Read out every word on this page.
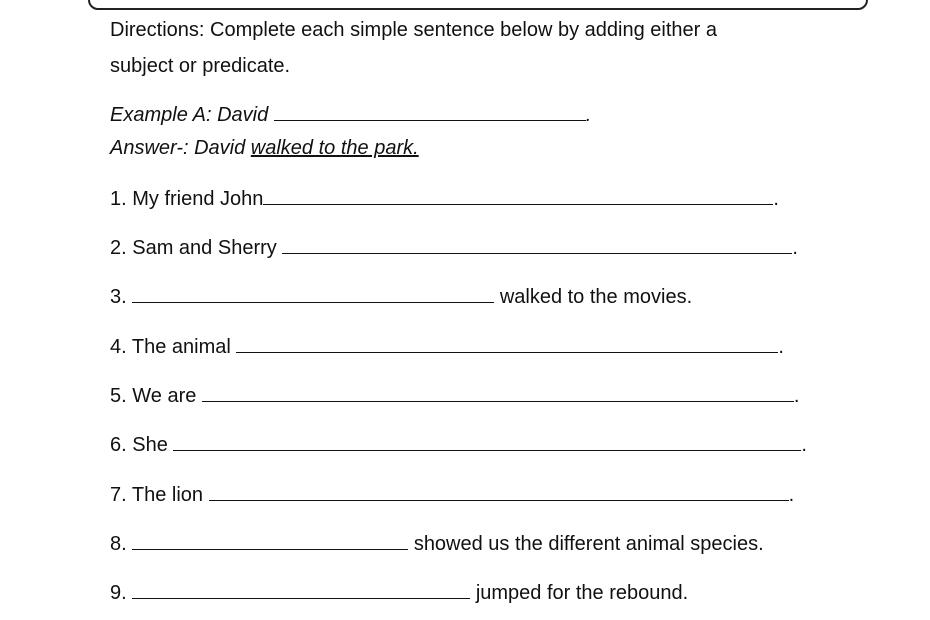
Directions: Complete each simple sentence below by adding either a
subject or predicate.
Example A: David	.
Answer-: David walked to the park.
1. My friend John	.
2. Sam and Sherry	.
3.	walked to the movies.
4. The animal	.
5. We are	.
6. She	.
7. The lion	.
8.	showed us the different animal species.
9.	jumped for the rebound.
